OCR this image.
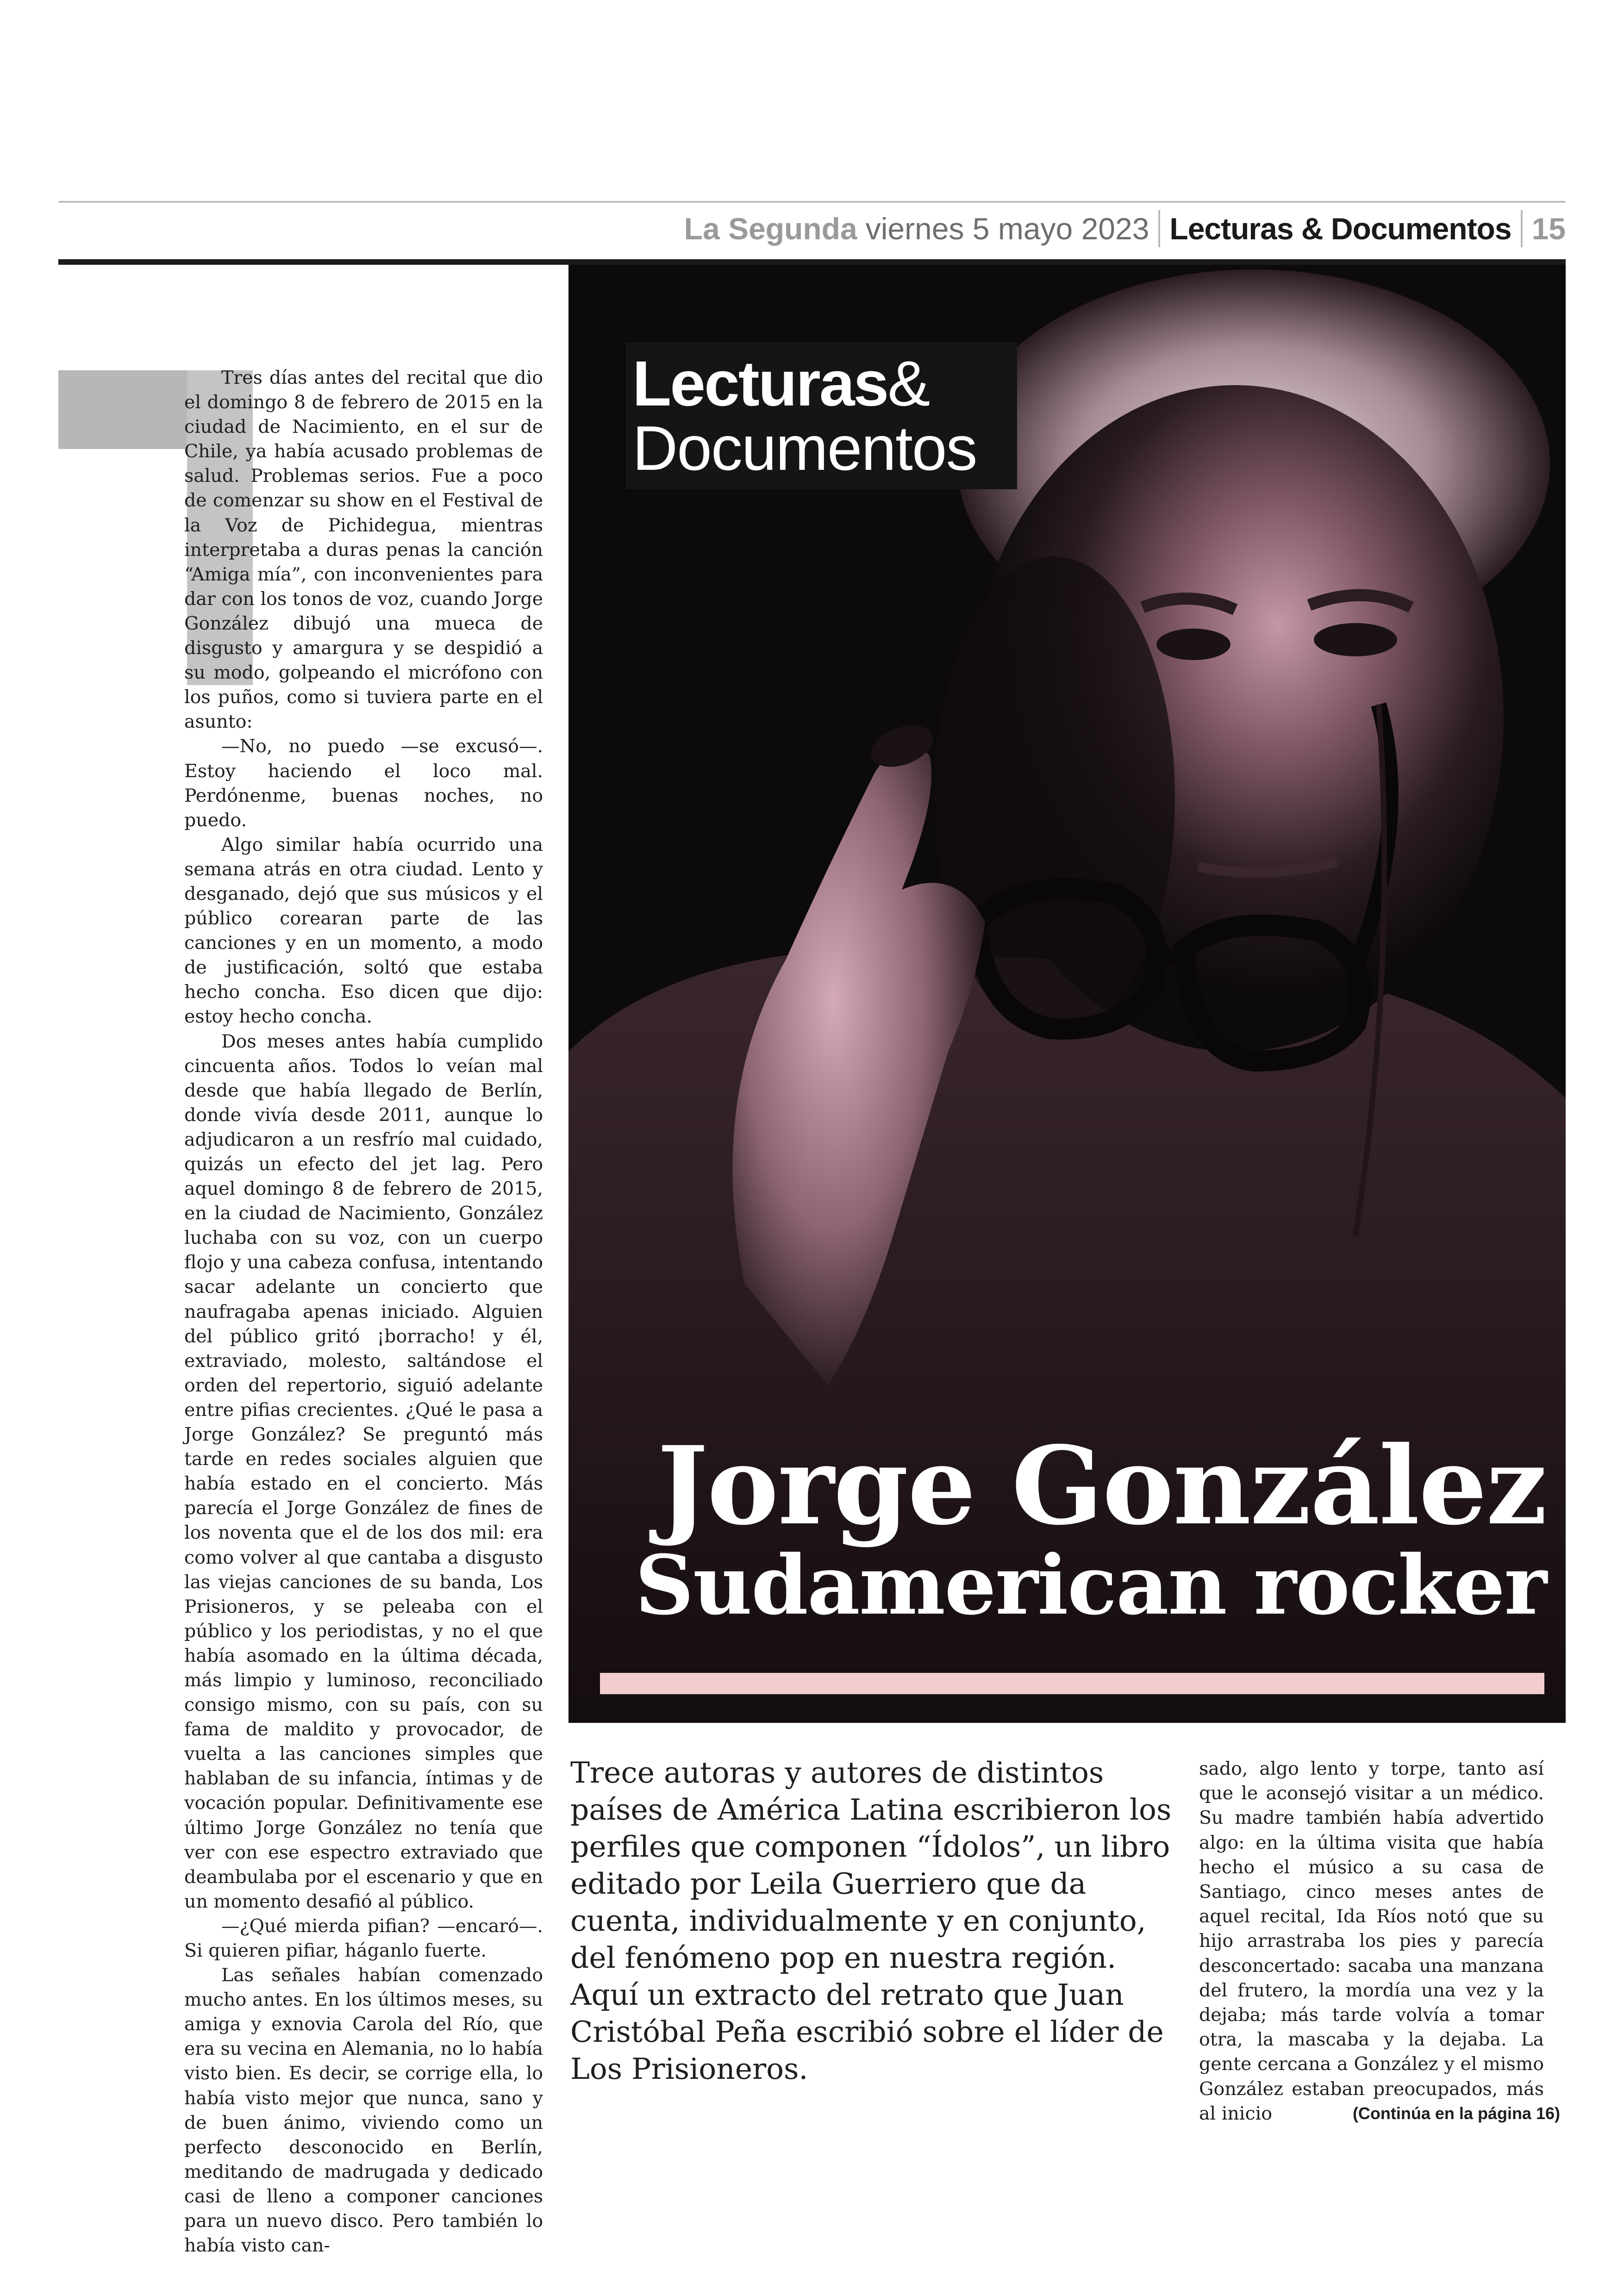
La Segunda viernes 5 mayo 2023 Lecturas & Documentos 15

Tres días antes del recital que dio el domingo 8 de febrero de 2015 en la ciudad de Nacimiento, en el sur de Chile, ya había acusado problemas de salud. Problemas serios. Fue a poco de comenzar su show en el Festival de la Voz de Pichidegua, mientras interpretaba a duras penas la canción “Amiga mía”, con inconvenientes para dar con los tonos de voz, cuando Jorge González dibujó una mueca de disgusto y amargura y se despidió a su modo, golpeando el micrófono con los puños, como si tuviera parte en el asunto:

—No, no puedo —se excusó—. Estoy haciendo el loco mal. Perdónenme, buenas noches, no puedo.

Algo similar había ocurrido una semana atrás en otra ciudad. Lento y desganado, dejó que sus músicos y el público corearan parte de las canciones y en un momento, a modo de justificación, soltó que estaba hecho concha. Eso dicen que dijo: estoy hecho concha.

Dos meses antes había cumplido cincuenta años. Todos lo veían mal desde que había llegado de Berlín, donde vivía desde 2011, aunque lo adjudicaron a un resfrío mal cuidado, quizás un efecto del jet lag. Pero aquel domingo 8 de febrero de 2015, en la ciudad de Nacimiento, González luchaba con su voz, con un cuerpo flojo y una cabeza confusa, intentando sacar adelante un concierto que naufragaba apenas iniciado. Alguien del público gritó ¡borracho! y él, extraviado, molesto, saltándose el orden del repertorio, siguió adelante entre pifias crecientes. ¿Qué le pasa a Jorge González? Se preguntó más tarde en redes sociales alguien que había estado en el concierto. Más parecía el Jorge González de fines de los noventa que el de los dos mil: era como volver al que cantaba a disgusto las viejas canciones de su banda, Los Prisioneros, y se peleaba con el público y los periodistas, y no el que había asomado en la última década, más limpio y luminoso, reconciliado consigo mismo, con su país, con su fama de maldito y provocador, de vuelta a las canciones simples que hablaban de su infancia, íntimas y de vocación popular. Definitivamente ese último Jorge González no tenía que ver con ese espectro extraviado que deambulaba por el escenario y que en un momento desafió al público.

—¿Qué mierda pifian? —encaró—. Si quieren pifiar, háganlo fuerte.

Las señales habían comenzado mucho antes. En los últimos meses, su amiga y exnovia Carola del Río, que era su vecina en Alemania, no lo había visto bien. Es decir, se corrige ella, lo había visto mejor que nunca, sano y de buen ánimo, viviendo como un perfecto desconocido en Berlín, meditando de madrugada y dedicado casi de lleno a componer canciones para un nuevo disco. Pero también lo había visto can-

Lecturas&
Documentos
Jorge González
Sudamerican rocker
Trece autoras y autores de distintos países de América Latina escribieron los perfiles que componen “Ídolos”, un libro editado por Leila Guerriero que da cuenta, individualmente y en conjunto, del fenómeno pop en nuestra región. Aquí un extracto del retrato que Juan Cristóbal Peña escribió sobre el líder de Los Prisioneros.

sado, algo lento y torpe, tanto así que le aconsejó visitar a un médico. Su madre también había advertido algo: en la última visita que había hecho el músico a su casa de Santiago, cinco meses antes de aquel recital, Ida Ríos notó que su hijo arrastraba los pies y parecía desconcertado: sacaba una manzana del frutero, la mordía una vez y la dejaba; más tarde volvía a tomar otra, la mascaba y la dejaba. La gente cercana a González y el mismo González estaban preocupados, más al inicio	(Continúa en la página 16)
